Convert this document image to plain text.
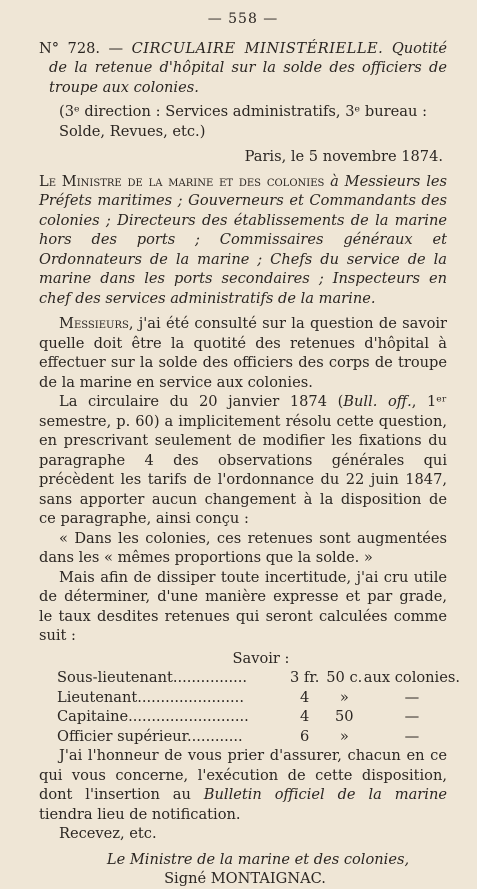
— 558 —

N° 728. — CIRCULAIRE MINISTÉRIELLE. Quotité de la retenue d'hôpital sur la solde des officiers de troupe aux colonies.

(3ᵉ direction : Services administratifs, 3ᵉ bureau : Solde, Revues, etc.)

Paris, le 5 novembre 1874.

Le Ministre de la marine et des colonies à Messieurs les Préfets maritimes ; Gouverneurs et Commandants des colonies ; Directeurs des établissements de la marine hors des ports ; Commissaires généraux et Ordonnateurs de la marine ; Chefs du service de la marine dans les ports secondaires ; Inspecteurs en chef des services administratifs de la marine.

Messieurs, j'ai été consulté sur la question de savoir quelle doit être la quotité des retenues d'hôpital à effectuer sur la solde des officiers des corps de troupe de la marine en service aux colonies.

La circulaire du 20 janvier 1874 (Bull. off., 1ᵉʳ semestre, p. 60) a implicitement résolu cette question, en prescrivant seulement de modifier les fixations du paragraphe 4 des observations générales qui précèdent les tarifs de l'ordonnance du 22 juin 1847, sans apporter aucun changement à la disposition de ce paragraphe, ainsi conçu :

« Dans les colonies, ces retenues sont augmentées dans les « mêmes proportions que la solde. »

Mais afin de dissiper toute incertitude, j'ai cru utile de déterminer, d'une manière expresse et par grade, le taux desdites retenues qui seront calculées comme suit :

Savoir :

Sous-lieutenant................	3 fr.	50 c.	aux colonies.
Lieutenant.......................	4	»	—
Capitaine..........................	4	50	—
Officier supérieur............	6	»	—

J'ai l'honneur de vous prier d'assurer, chacun en ce qui vous concerne, l'exécution de cette disposition, dont l'insertion au Bulletin officiel de la marine tiendra lieu de notification.

Recevez, etc.

Le Ministre de la marine et des colonies,

Signé MONTAIGNAC.
